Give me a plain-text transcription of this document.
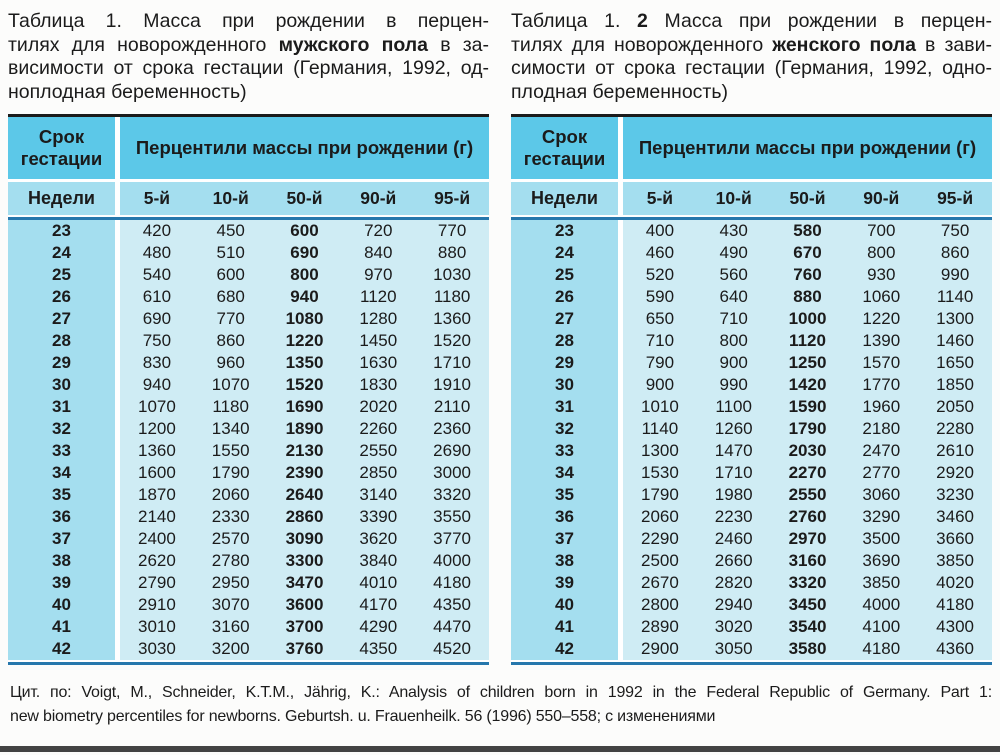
Таблица 1. Масса при рождении в перцен-
тилях для новорожденного мужского пола в за-
висимости от срока гестации (Германия, 1992, од-
ноплодная беременность)
Срок
гестации
Перцентили массы при рождении (г)
Недели	5-й	10-й	50-й	90-й	95-й
23	420	450	600	720	770
24	480	510	690	840	880
25	540	600	800	970	1030
26	610	680	940	1120	1180
27	690	770	1080	1280	1360
28	750	860	1220	1450	1520
29	830	960	1350	1630	1710
30	940	1070	1520	1830	1910
31	1070	1180	1690	2020	2110
32	1200	1340	1890	2260	2360
33	1360	1550	2130	2550	2690
34	1600	1790	2390	2850	3000
35	1870	2060	2640	3140	3320
36	2140	2330	2860	3390	3550
37	2400	2570	3090	3620	3770
38	2620	2780	3300	3840	4000
39	2790	2950	3470	4010	4180
40	2910	3070	3600	4170	4350
41	3010	3160	3700	4290	4470
42	3030	3200	3760	4350	4520
Таблица 1. 2 Масса при рождении в перцен-
тилях для новорожденного женского пола в зави-
симости от срока гестации (Германия, 1992, одно-
плодная беременность)
Срок
гестации
Перцентили массы при рождении (г)
Недели	5-й	10-й	50-й	90-й	95-й
23	400	430	580	700	750
24	460	490	670	800	860
25	520	560	760	930	990
26	590	640	880	1060	1140
27	650	710	1000	1220	1300
28	710	800	1120	1390	1460
29	790	900	1250	1570	1650
30	900	990	1420	1770	1850
31	1010	1100	1590	1960	2050
32	1140	1260	1790	2180	2280
33	1300	1470	2030	2470	2610
34	1530	1710	2270	2770	2920
35	1790	1980	2550	3060	3230
36	2060	2230	2760	3290	3460
37	2290	2460	2970	3500	3660
38	2500	2660	3160	3690	3850
39	2670	2820	3320	3850	4020
40	2800	2940	3450	4000	4180
41	2890	3020	3540	4100	4300
42	2900	3050	3580	4180	4360
Цит. по: Voigt, M., Schneider, K.T.M., Jährig, K.: Analysis of children born in 1992 in the Federal Republic of Germany. Part 1:
new biometry percentiles for newborns. Geburtsh. u. Frauenheilk. 56 (1996) 550–558; с изменениями
